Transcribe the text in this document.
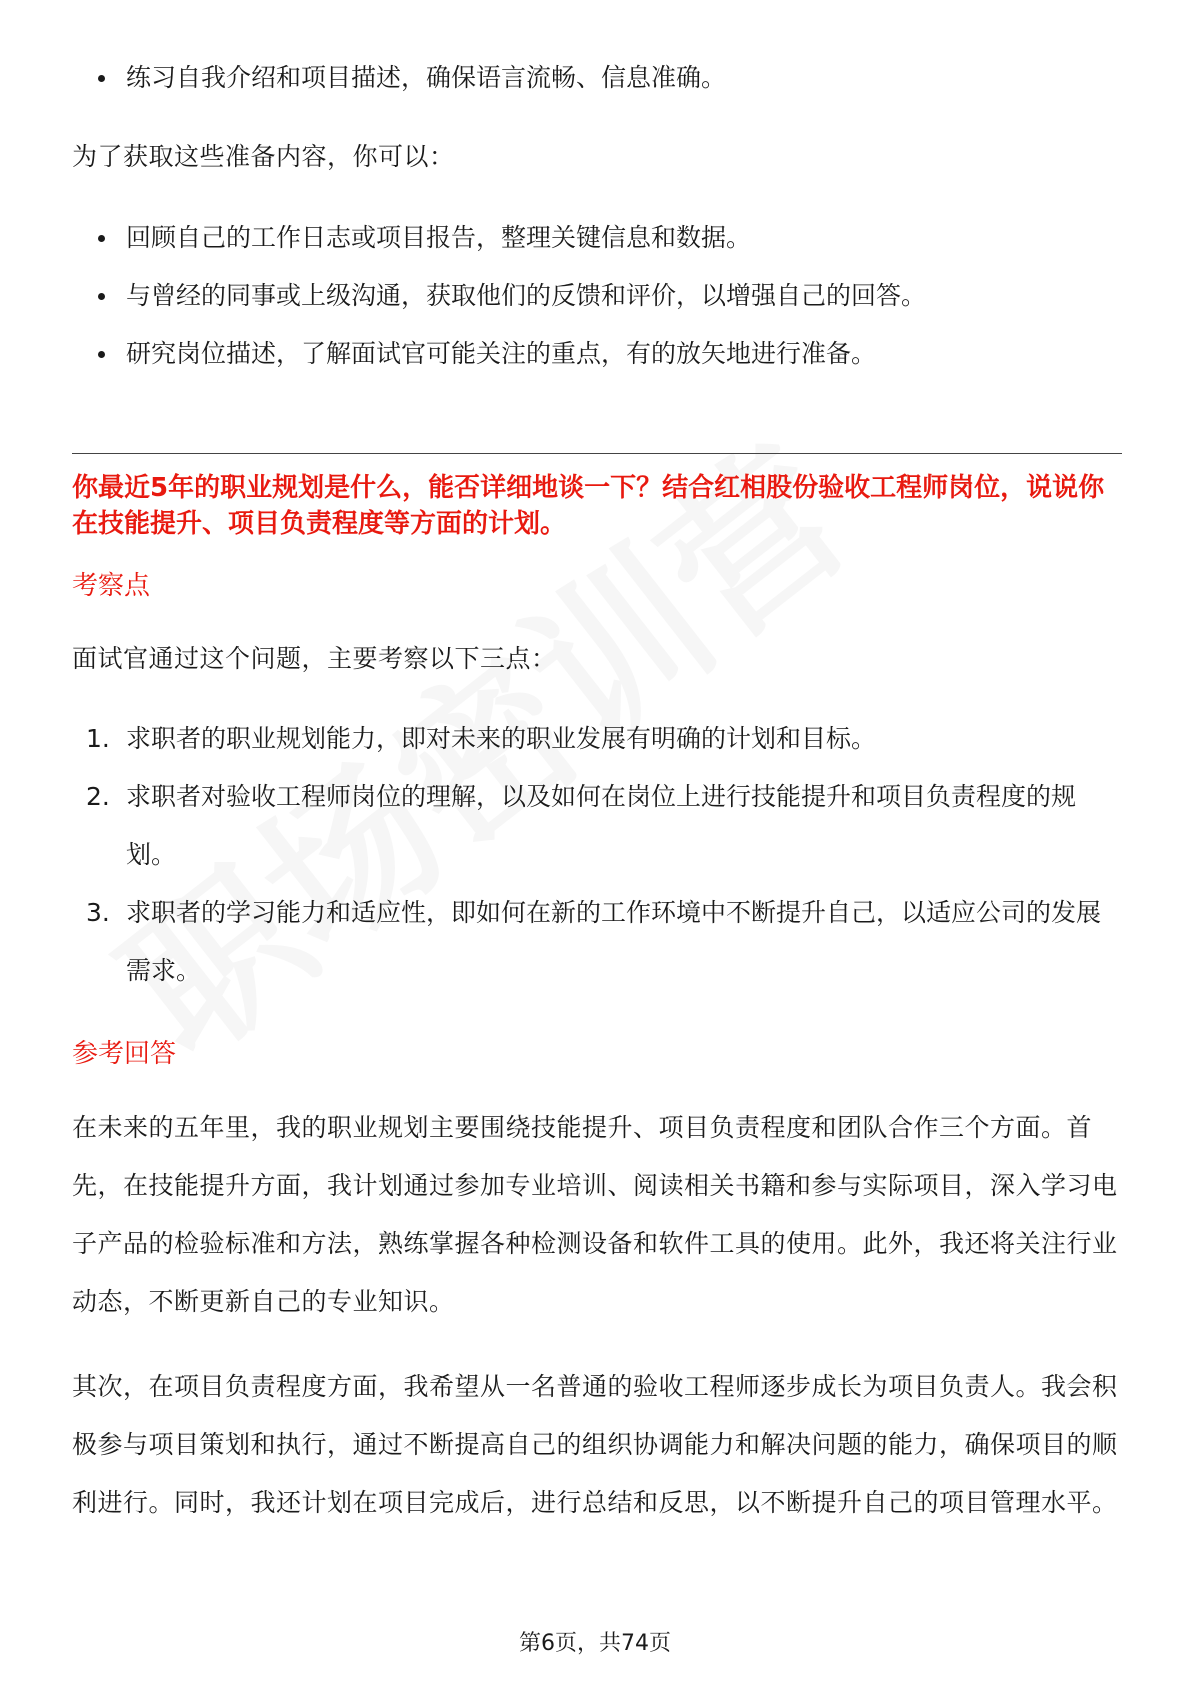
练习自我介绍和项目描述，确保语言流畅、信息准确。
为了获取这些准备内容，你可以：
回顾自己的工作日志或项目报告，整理关键信息和数据。
与曾经的同事或上级沟通，获取他们的反馈和评价，以增强自己的回答。
研究岗位描述，了解面试官可能关注的重点，有的放矢地进行准备。
你最近5年的职业规划是什么，能否详细地谈一下？结合红相股份验收工程师岗位，说说你在技能提升、项目负责程度等方面的计划。
考察点
面试官通过这个问题，主要考察以下三点：
1. 求职者的职业规划能力，即对未来的职业发展有明确的计划和目标。
2. 求职者对验收工程师岗位的理解，以及如何在岗位上进行技能提升和项目负责程度的规划。
3. 求职者的学习能力和适应性，即如何在新的工作环境中不断提升自己，以适应公司的发展需求。
参考回答
在未来的五年里，我的职业规划主要围绕技能提升、项目负责程度和团队合作三个方面。首先，在技能提升方面，我计划通过参加专业培训、阅读相关书籍和参与实际项目，深入学习电子产品的检验标准和方法，熟练掌握各种检测设备和软件工具的使用。此外，我还将关注行业动态，不断更新自己的专业知识。
其次，在项目负责程度方面，我希望从一名普通的验收工程师逐步成长为项目负责人。我会积极参与项目策划和执行，通过不断提高自己的组织协调能力和解决问题的能力，确保项目的顺利进行。同时，我还计划在项目完成后，进行总结和反思，以不断提升自己的项目管理水平。
第6页，共74页
